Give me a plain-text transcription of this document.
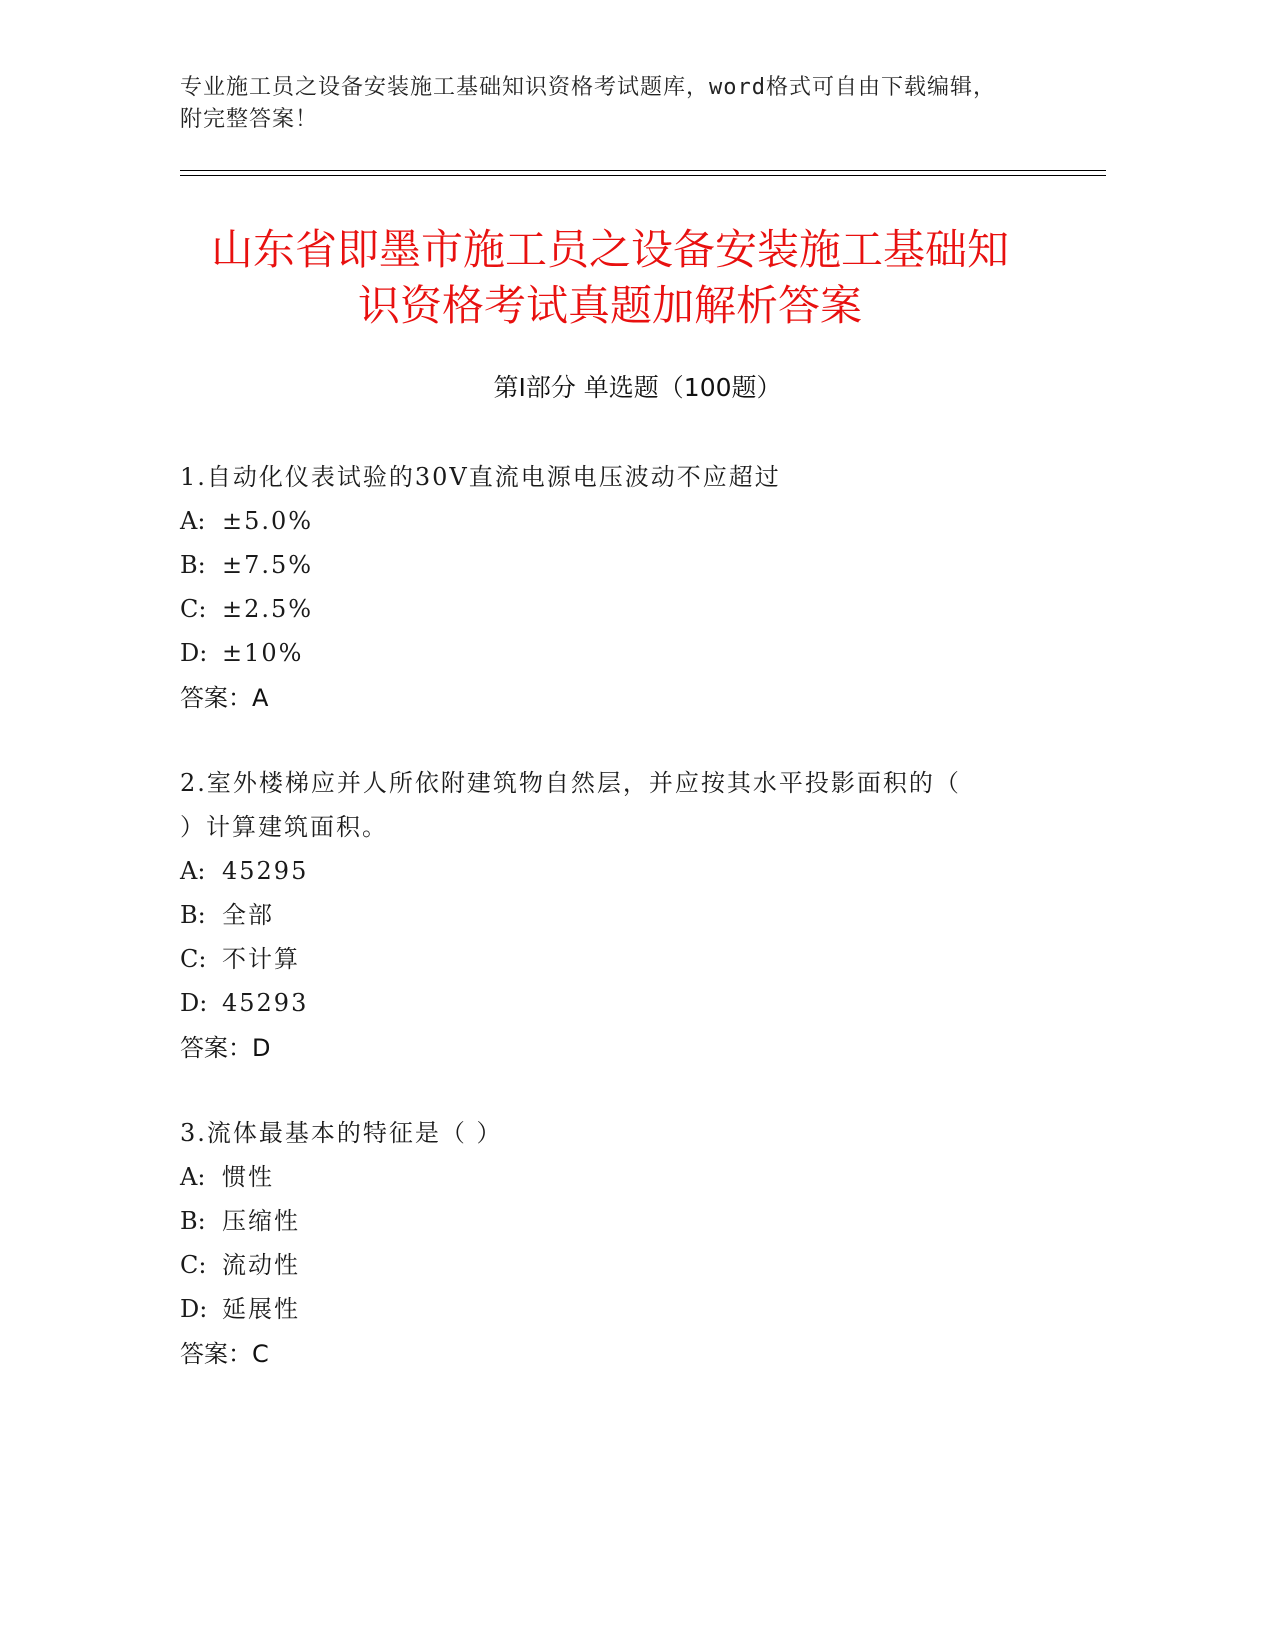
专业施工员之设备安装施工基础知识资格考试题库，word格式可自由下载编辑，
附完整答案！
山东省即墨市施工员之设备安装施工基础知
识资格考试真题加解析答案
第Ⅰ部分 单选题（100题）
1.自动化仪表试验的30V直流电源电压波动不应超过
A: ±5.0%
B: ±7.5%
C: ±2.5%
D: ±10%
答案：A
2.室外楼梯应并人所依附建筑物自然层，并应按其水平投影面积的（
）计算建筑面积。
A: 45295
B: 全部
C: 不计算
D: 45293
答案：D
3.流体最基本的特征是（ ）
A: 惯性
B: 压缩性
C: 流动性
D: 延展性
答案：C
